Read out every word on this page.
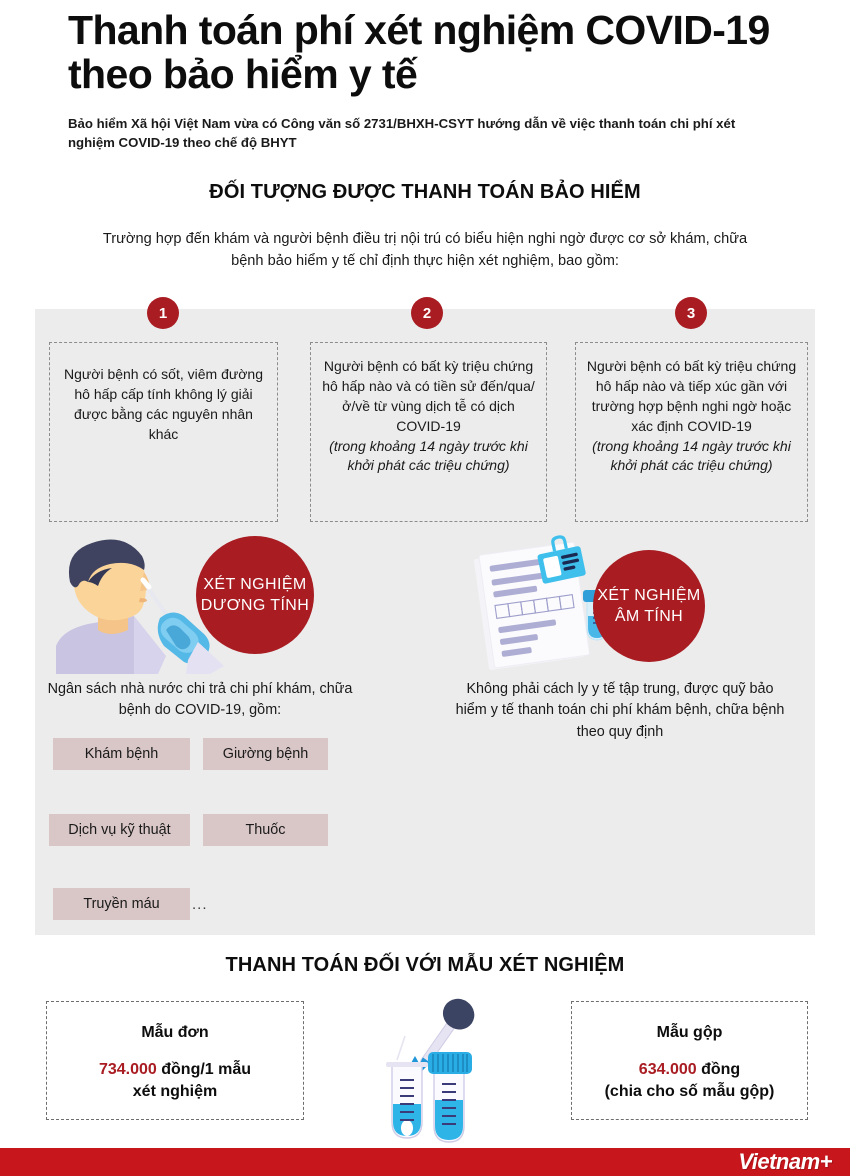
Thanh toán phí xét nghiệm COVID-19 theo bảo hiểm y tế

Bảo hiểm Xã hội Việt Nam vừa có Công văn số 2731/BHXH-CSYT hướng dẫn về việc thanh toán chi phí xét nghiệm COVID-19 theo chế độ BHYT

ĐỐI TƯỢNG ĐƯỢC THANH TOÁN BẢO HIỂM
Trường hợp đến khám và người bệnh điều trị nội trú có biểu hiện nghi ngờ được cơ sở khám, chữa bệnh bảo hiểm y tế chỉ định thực hiện xét nghiệm, bao gồm:
1	2	3
Người bệnh có sốt, viêm đường hô hấp cấp tính không lý giải được bằng các nguyên nhân khác
Người bệnh có bất kỳ triệu chứng hô hấp nào và có tiền sử đến/qua/ở/về từ vùng dịch tễ có dịch COVID-19
(trong khoảng 14 ngày trước khi khởi phát các triệu chứng)
Người bệnh có bất kỳ triệu chứng hô hấp nào và tiếp xúc gần với trường hợp bệnh nghi ngờ hoặc xác định COVID-19
(trong khoảng 14 ngày trước khi khởi phát các triệu chứng)
XÉT NGHIỆM
DƯƠNG TÍNH
XÉT NGHIỆM
ÂM TÍNH
Ngân sách nhà nước chi trả chi phí khám, chữa bệnh do COVID-19, gồm:
Không phải cách ly y tế tập trung, được quỹ bảo hiểm y tế thanh toán chi phí khám bệnh, chữa bệnh theo quy định
Khám bệnh	Giường bệnh
Dịch vụ kỹ thuật	Thuốc
Truyền máu	...
THANH TOÁN ĐỐI VỚI MẪU XÉT NGHIỆM
Mẫu đơn
734.000 đồng/1 mẫu
xét nghiệm
Mẫu gộp
634.000 đồng
(chia cho số mẫu gộp)
Vietnam+
